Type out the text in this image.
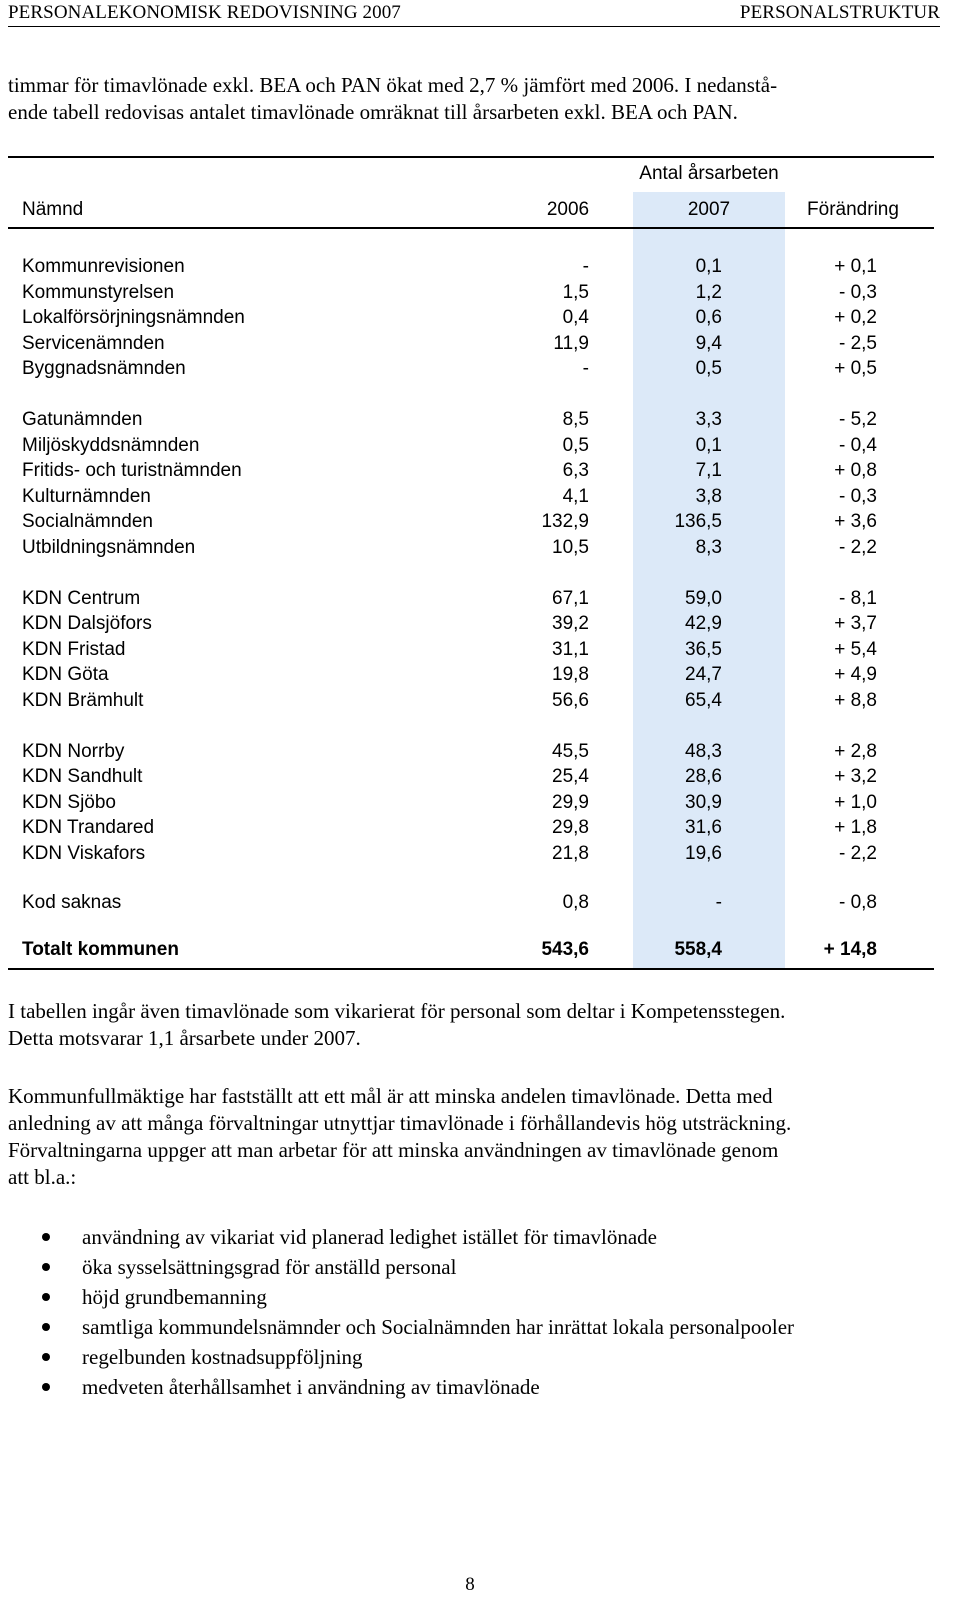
PERSONALEKONOMISK REDOVISNING 2007	PERSONALSTRUKTUR
timmar för timavlönade exkl. BEA och PAN ökat med 2,7 % jämfört med 2006. I nedanstå-
ende tabell redovisas antalet timavlönade omräknat till årsarbeten exkl. BEA och PAN.
Antal årsarbeten
Nämnd	2006	2007	Förändring
Kommunrevisionen	-	0,1	+ 0,1
Kommunstyrelsen	1,5	1,2	- 0,3
Lokalförsörjningsnämnden	0,4	0,6	+ 0,2
Servicenämnden	11,9	9,4	- 2,5
Byggnadsnämnden	-	0,5	+ 0,5
Gatunämnden	8,5	3,3	- 5,2
Miljöskyddsnämnden	0,5	0,1	- 0,4
Fritids- och turistnämnden	6,3	7,1	+ 0,8
Kulturnämnden	4,1	3,8	- 0,3
Socialnämnden	132,9	136,5	+ 3,6
Utbildningsnämnden	10,5	8,3	- 2,2
KDN Centrum	67,1	59,0	- 8,1
KDN Dalsjöfors	39,2	42,9	+ 3,7
KDN Fristad	31,1	36,5	+ 5,4
KDN Göta	19,8	24,7	+ 4,9
KDN Brämhult	56,6	65,4	+ 8,8
KDN Norrby	45,5	48,3	+ 2,8
KDN Sandhult	25,4	28,6	+ 3,2
KDN Sjöbo	29,9	30,9	+ 1,0
KDN Trandared	29,8	31,6	+ 1,8
KDN Viskafors	21,8	19,6	- 2,2
Kod saknas	0,8	-	- 0,8
Totalt kommunen	543,6	558,4	+ 14,8
I tabellen ingår även timavlönade som vikarierat för personal som deltar i Kompetensstegen.
Detta motsvarar 1,1 årsarbete under 2007.
Kommunfullmäktige har fastställt att ett mål är att minska andelen timavlönade. Detta med
anledning av att många förvaltningar utnyttjar timavlönade i förhållandevis hög utsträckning.
Förvaltningarna uppger att man arbetar för att minska användningen av timavlönade genom
att bl.a.:
användning av vikariat vid planerad ledighet istället för timavlönade
öka sysselsättningsgrad för anställd personal
höjd grundbemanning
samtliga kommundelsnämnder och Socialnämnden har inrättat lokala personalpooler
regelbunden kostnadsuppföljning
medveten återhållsamhet i användning av timavlönade
8
